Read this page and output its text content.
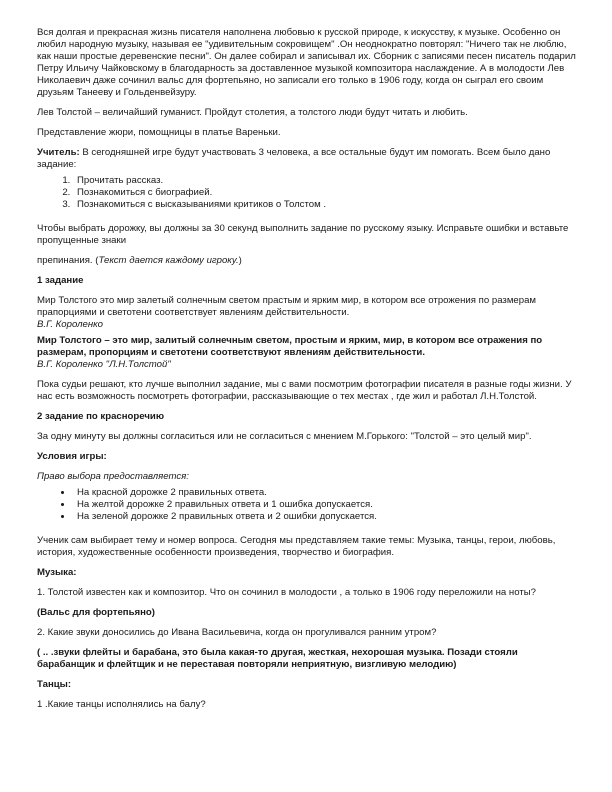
Вся долгая и прекрасная жизнь писателя наполнена любовью к русской природе, к искусству, к музыке. Особенно он любил народную музыку, называя ее "удивительным сокровищем" .Он неоднократно повторял: "Ничего так не люблю, как наши простые деревенские песни". Он далее собирал и записывал их. Сборник с записями песен писатель подарил Петру Ильичу Чайковскому в благодарность за доставленное музыкой композитора наслаждение. А в молодости Лев Николаевич даже сочинил вальс для фортепьяно, но записали его только в 1906 году, когда он сыграл его своим друзьям Танееву и Гольденвейзуру.

Лев Толстой – величайший гуманист. Пройдут столетия, а толстого люди будут читать и любить.

Представление жюри, помощницы в платье Вареньки.

Учитель: В сегодняшней игре будут участвовать 3 человека, а все остальные будут им помогать. Всем было дано задание:

1. Прочитать рассказ.
2. Познакомиться с биографией.
3. Познакомиться с высказываниями критиков о Толстом .

Чтобы выбрать дорожку, вы должны за 30 секунд выполнить задание по русскому языку. Исправьте ошибки и вставьте пропущенные знаки

препинания. (Текст дается каждому игроку.)

1 задание

Мир Толстого это мир залетый солнечным светом прастым и ярким мир, в котором все отрожения по размерам прапорциями и светотени соответствует явлениям действительности.

В.Г. Короленко

Мир Толстого – это мир, залитый солнечным светом, простым и ярким, мир, в котором все отражения по размерам, пропорциям и светотени соответствуют явлениям действительности.

В.Г. Короленко "Л.Н.Толстой"

Пока судьи решают, кто лучше выполнил задание, мы с вами посмотрим фотографии писателя в разные годы жизни. У нас есть возможность посмотреть фотографии, рассказывающие о тех местах , где жил и работал Л.Н.Толстой.

2 задание по красноречию

За одну минуту вы должны согласиться или не согласиться с мнением М.Горького: "Толстой – это целый мир".

Условия игры:

Право выбора предоставляется:

• На красной дорожке 2 правильных ответа.
• На желтой дорожке 2 правильных ответа и 1 ошибка допускается.
• На зеленой дорожке 2 правильных ответа и 2 ошибки допускается.

Ученик сам выбирает тему и номер вопроса. Сегодня мы представляем такие темы: Музыка, танцы, герои, любовь, история, художественные особенности произведения, творчество и биография.

Музыка:

1. Толстой известен как и композитор. Что он сочинил в молодости , а только в 1906 году переложили на ноты?

(Вальс для фортепьяно)

2. Какие звуки доносились до Ивана Васильевича, когда он прогуливался ранним утром?

( .. .звуки флейты и барабана, это была какая-то другая, жесткая, нехорошая музыка. Позади стояли барабанщик и флейтщик и не переставая повторяли неприятную, визгливую мелодию)

Танцы:

1 .Какие танцы исполнялись на балу?
